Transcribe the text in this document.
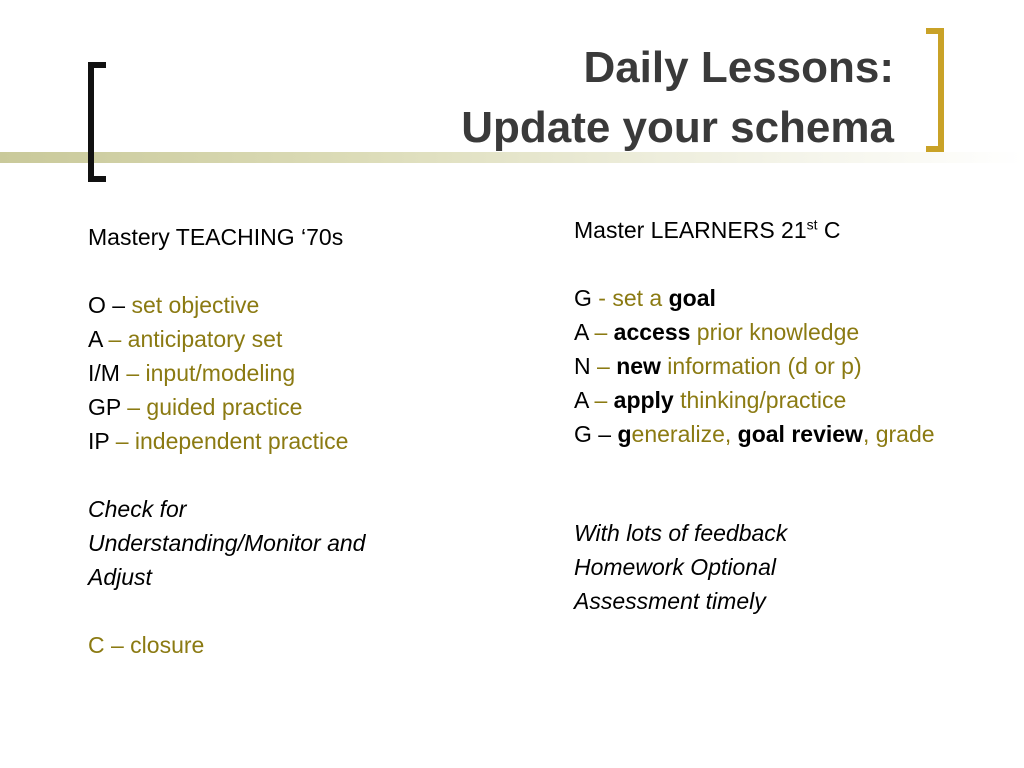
Daily Lessons:
Update your schema
Mastery TEACHING ‘70s
O – set objective
A – anticipatory set
I/M – input/modeling
GP – guided practice
IP – independent practice
Check for
Understanding/Monitor and
Adjust
C – closure
Master LEARNERS 21st C
G - set a goal
A – access prior knowledge
N – new information (d or p)
A – apply thinking/practice
G – generalize, goal review, grade
With lots of feedback
Homework Optional
Assessment timely
